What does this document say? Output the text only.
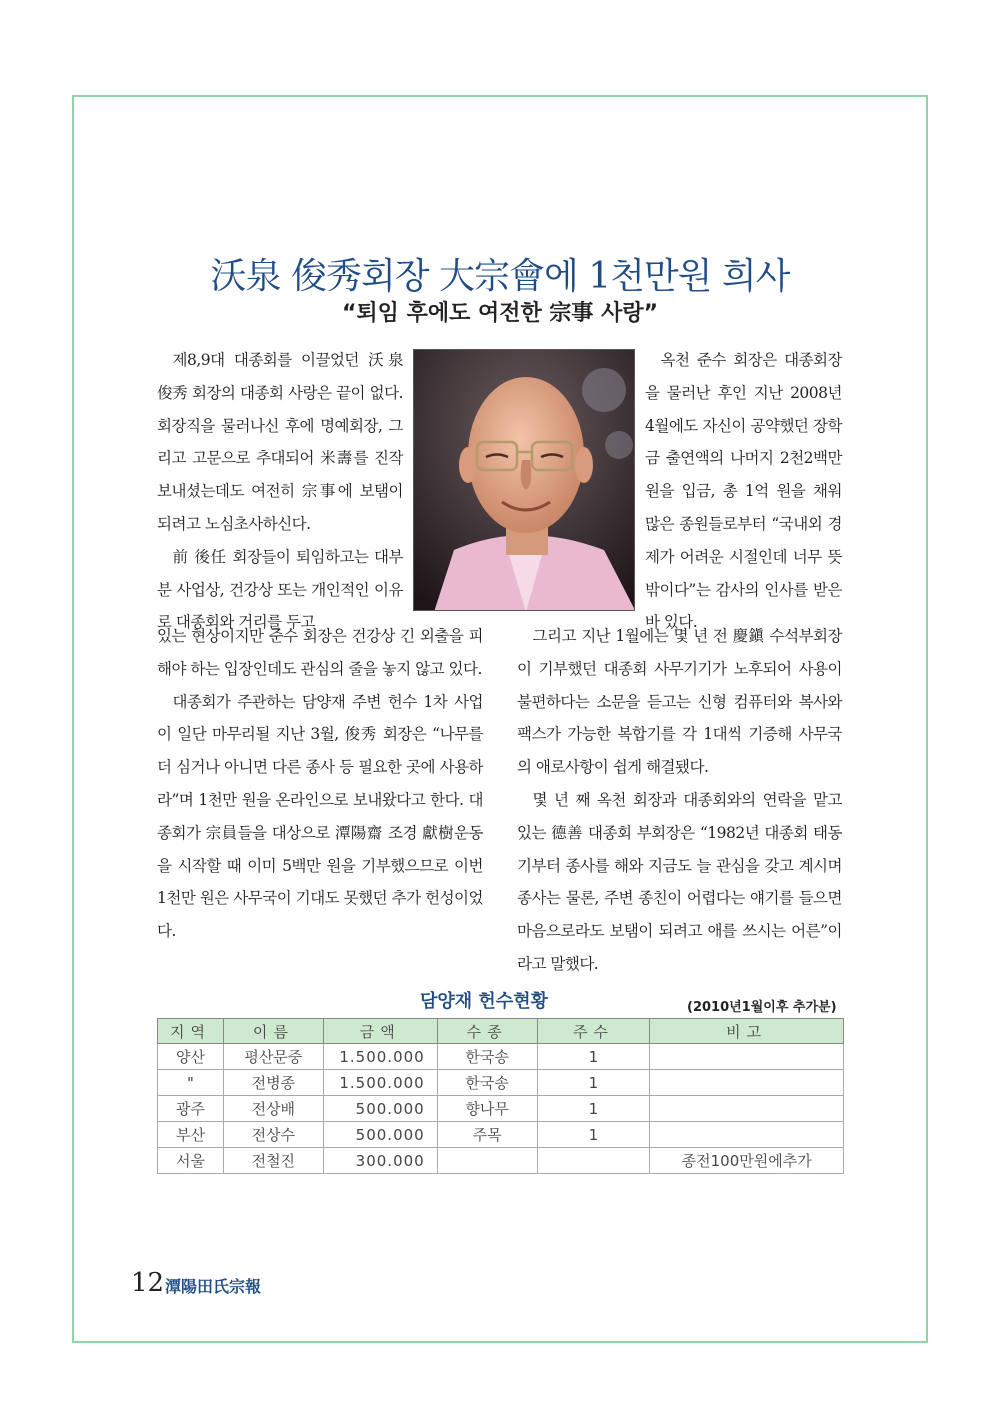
沃泉 俊秀회장 大宗會에 1천만원 희사
“퇴임 후에도 여전한 宗事 사랑”

제8,9대 대종회를 이끌었던 沃泉 俊秀 회장의 대종회 사랑은 끝이 없다. 회장직을 물러나신 후에 명예회장, 그리고 고문으로 추대되어 米壽를 진작 보내셨는데도 여전히 宗事에 보탬이 되려고 노심초사하신다.

前 後任 회장들이 퇴임하고는 대부분 사업상, 건강상 또는 개인적인 이유로 대종회와 거리를 두고

있는 현상이지만 준수 회장은 건강상 긴 외출을 피해야 하는 입장인데도 관심의 줄을 놓지 않고 있다.

대종회가 주관하는 담양재 주변 헌수 1차 사업이 일단 마무리될 지난 3월, 俊秀 회장은 “나무를 더 심거나 아니면 다른 종사 등 필요한 곳에 사용하라”며 1천만 원을 온라인으로 보내왔다고 한다. 대종회가 宗員들을 대상으로 潭陽齋 조경 獻樹운동을 시작할 때 이미 5백만 원을 기부했으므로 이번 1천만 원은 사무국이 기대도 못했던 추가 헌성이었다.

옥천 준수 회장은 대종회장을 물러난 후인 지난 2008년 4월에도 자신이 공약했던 장학금 출연액의 나머지 2천2백만원을 입금, 총 1억 원을 채워 많은 종원들로부터 “국내외 경제가 어려운 시절인데 너무 뜻밖이다”는 감사의 인사를 받은 바 있다.

그리고 지난 1월에는 몇 년 전 慶鎭 수석부회장이 기부했던 대종회 사무기기가 노후되어 사용이 불편하다는 소문을 듣고는 신형 컴퓨터와 복사와 팩스가 가능한 복합기를 각 1대씩 기증해 사무국의 애로사항이 쉽게 해결됐다.

몇 년 째 옥천 회장과 대종회와의 연락을 맡고 있는 德善 대종회 부회장은 “1982년 대종회 태동기부터 종사를 해와 지금도 늘 관심을 갖고 계시며 종사는 물론, 주변 종친이 어렵다는 얘기를 들으면 마음으로라도 보탬이 되려고 애를 쓰시는 어른”이라고 말했다.

담양재 헌수현황	(2010년1월이후 추가분)
지역	이름	금액	수종	주수	비고
양산	평산문중	1.500.000	한국송	1	
"	전병종	1.500.000	한국송	1	
광주	전상배	500.000	향나무	1	
부산	전상수	500.000	주목	1	
서울	전철진	300.000			종전100만원에추가
12 潭陽田氏宗報
